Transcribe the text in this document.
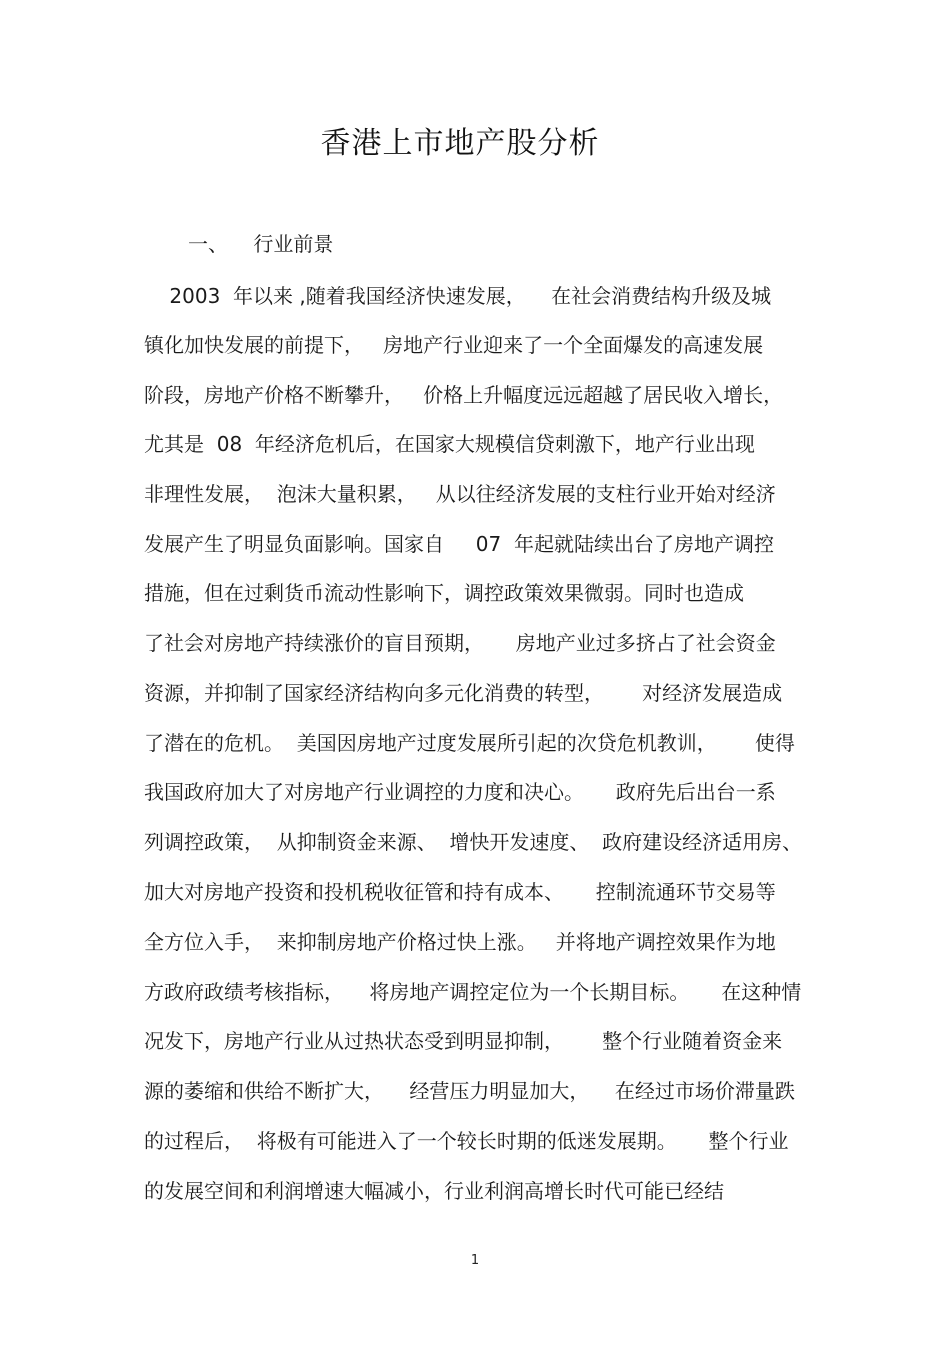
香港上市地产股分析
一、    行业前景
2003  年以来 ,随着我国经济快速发展，    在社会消费结构升级及城
镇化加快发展的前提下，   房地产行业迎来了一个全面爆发的高速发展
阶段，房地产价格不断攀升，   价格上升幅度远远超越了居民收入增长，
尤其是  08  年经济危机后，在国家大规模信贷刺激下，地产行业出现
非理性发展，  泡沫大量积累，   从以往经济发展的支柱行业开始对经济
发展产生了明显负面影响。国家自     07  年起就陆续出台了房地产调控
措施，但在过剩货币流动性影响下，调控政策效果微弱。同时也造成
了社会对房地产持续涨价的盲目预期，     房地产业过多挤占了社会资金
资源，并抑制了国家经济结构向多元化消费的转型，      对经济发展造成
了潜在的危机。  美国因房地产过度发展所引起的次贷危机教训，      使得
我国政府加大了对房地产行业调控的力度和决心。     政府先后出台一系
列调控政策，  从抑制资金来源、  增快开发速度、  政府建设经济适用房、
加大对房地产投资和投机税收征管和持有成本、     控制流通环节交易等
全方位入手，  来抑制房地产价格过快上涨。   并将地产调控效果作为地
方政府政绩考核指标，    将房地产调控定位为一个长期目标。     在这种情
况发下，房地产行业从过热状态受到明显抑制，      整个行业随着资金来
源的萎缩和供给不断扩大，    经营压力明显加大，    在经过市场价滞量跌
的过程后，  将极有可能进入了一个较长时期的低迷发展期。     整个行业
的发展空间和利润增速大幅减小，行业利润高增长时代可能已经结
1
